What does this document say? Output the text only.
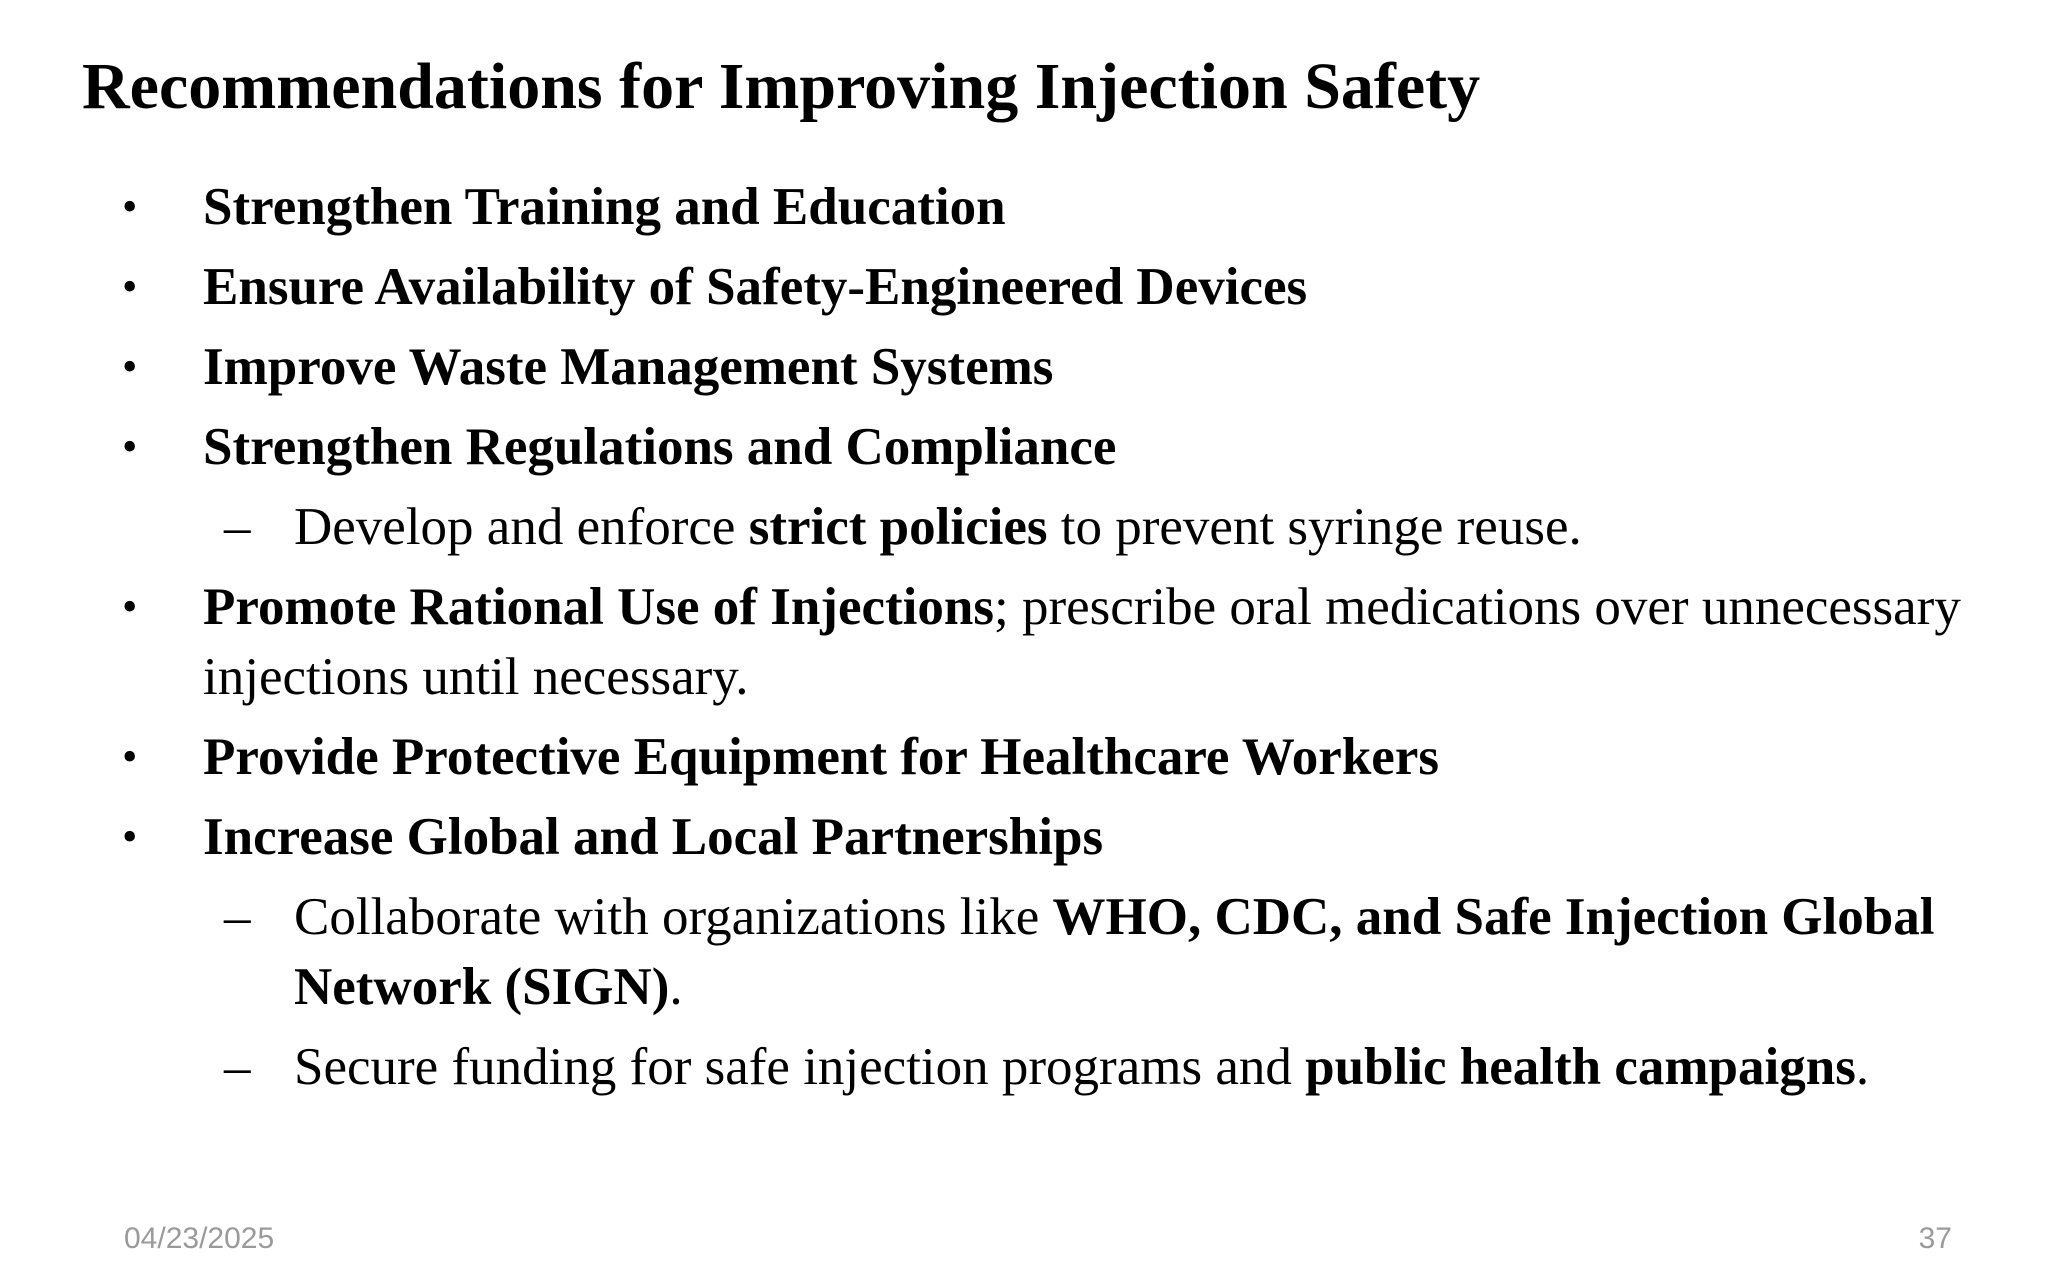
Recommendations for Improving Injection Safety
• Strengthen Training and Education
• Ensure Availability of Safety-Engineered Devices
• Improve Waste Management Systems
• Strengthen Regulations and Compliance
– Develop and enforce strict policies to prevent syringe reuse.
• Promote Rational Use of Injections; prescribe oral medications over unnecessary injections until necessary.
• Provide Protective Equipment for Healthcare Workers
• Increase Global and Local Partnerships
– Collaborate with organizations like WHO, CDC, and Safe Injection Global Network (SIGN).
– Secure funding for safe injection programs and public health campaigns.
04/23/2025	37
